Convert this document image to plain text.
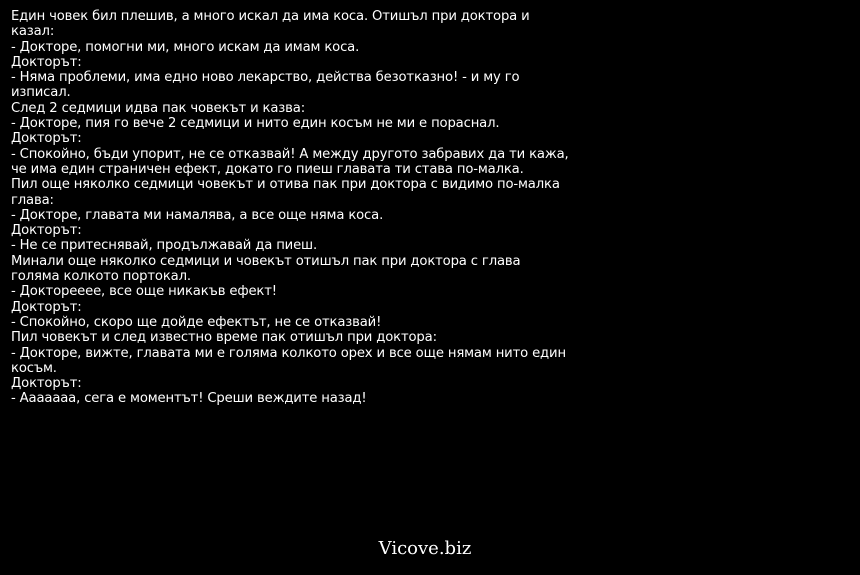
Един човек бил плешив, а много искал да има коса. Отишъл при доктора и казал:
- Докторе, помогни ми, много искам да имам коса.
Докторът:
- Няма проблеми, има едно ново лекарство, действа безотказно! - и му го изписал.
След 2 седмици идва пак човекът и казва:
- Докторе, пия го вече 2 седмици и нито един косъм не ми е пораснал.
Докторът:
- Спокойно, бъди упорит, не се отказвай! А между другото забравих да ти кажа, че има един страничен ефект, докато го пиеш главата ти става по-малка.
Пил още няколко седмици човекът и отива пак при доктора с видимо по-малка глава:
- Докторе, главата ми намалява, а все още няма коса.
Докторът:
- Не се притеснявай, продължавай да пиеш.
Минали още няколко седмици и човекът отишъл пак при доктора с глава голяма колкото портокал.
- Доктореееe, все още никакъв ефект!
Докторът:
- Спокойно, скоро ще дойде ефектът, не се отказвай!
Пил човекът и след известно време пак отишъл при доктора:
- Докторе, вижте, главата ми е голяма колкото орех и все още нямам нито един косъм.
Докторът:
- Аааааaа, сега е моментът! Среши веждите назад!
Vicove.biz
